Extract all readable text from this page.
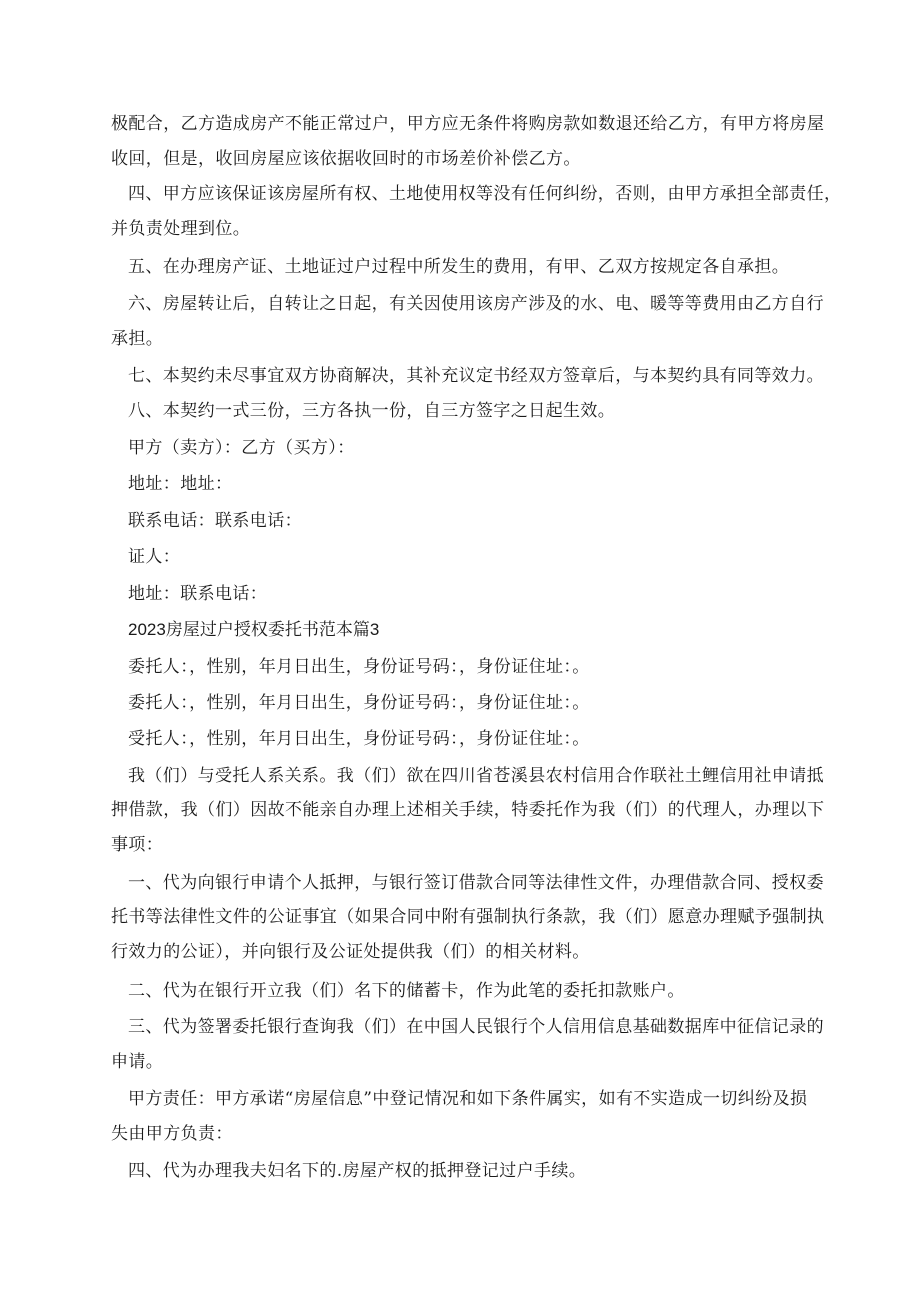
极配合，乙方造成房产不能正常过户，甲方应无条件将购房款如数退还给乙方，有甲方将房屋
收回，但是，收回房屋应该依据收回时的市场差价补偿乙方。
四、甲方应该保证该房屋所有权、土地使用权等没有任何纠纷，否则，由甲方承担全部责任，
并负责处理到位。
五、在办理房产证、土地证过户过程中所发生的费用，有甲、乙双方按规定各自承担。
六、房屋转让后，自转让之日起，有关因使用该房产涉及的水、电、暖等等费用由乙方自行
承担。
七、本契约未尽事宜双方协商解决，其补充议定书经双方签章后，与本契约具有同等效力。
八、本契约一式三份，三方各执一份，自三方签字之日起生效。
甲方（卖方）：乙方（买方）：
地址：地址：
联系电话：联系电话：
证人：
地址：联系电话：
2023房屋过户授权委托书范本篇3
委托人：，性别，年月日出生，身份证号码：，身份证住址：。
委托人：，性别，年月日出生，身份证号码：，身份证住址：。
受托人：，性别，年月日出生，身份证号码：，身份证住址：。
我（们）与受托人系关系。我（们）欲在四川省苍溪县农村信用合作联社土鲤信用社申请抵
押借款，我（们）因故不能亲自办理上述相关手续，特委托作为我（们）的代理人，办理以下
事项：
一、代为向银行申请个人抵押，与银行签订借款合同等法律性文件，办理借款合同、授权委
托书等法律性文件的公证事宜（如果合同中附有强制执行条款，我（们）愿意办理赋予强制执
行效力的公证），并向银行及公证处提供我（们）的相关材料。
二、代为在银行开立我（们）名下的储蓄卡，作为此笔的委托扣款账户。
三、代为签署委托银行查询我（们）在中国人民银行个人信用信息基础数据库中征信记录的
申请。
甲方责任：甲方承诺“房屋信息”中登记情况和如下条件属实，如有不实造成一切纠纷及损
失由甲方负责：
四、代为办理我夫妇名下的.房屋产权的抵押登记过户手续。
